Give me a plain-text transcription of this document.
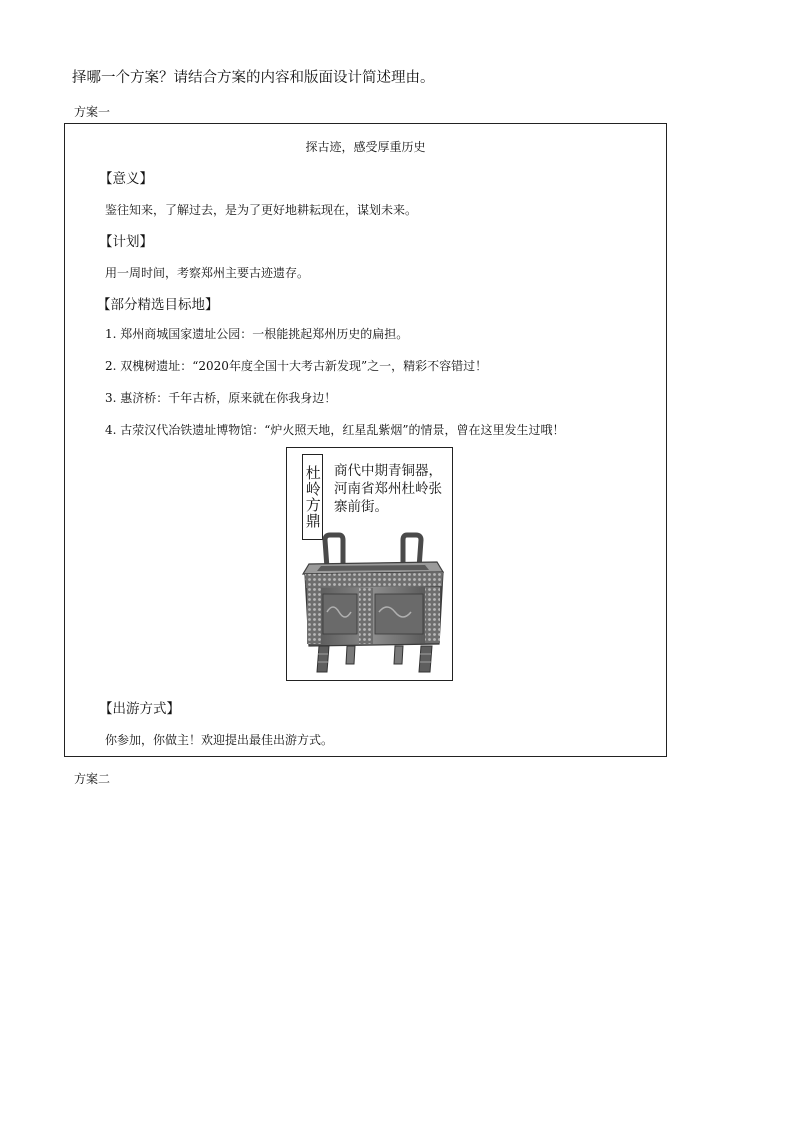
择哪一个方案？请结合方案的内容和版面设计简述理由。
方案一
探古迹，感受厚重历史
【意义】
鉴往知来，了解过去，是为了更好地耕耘现在，谋划未来。
【计划】
用一周时间，考察郑州主要古迹遗存。
【部分精选目标地】
1. 郑州商城国家遗址公园：一根能挑起郑州历史的扁担。
2. 双槐树遗址：“2020年度全国十大考古新发现”之一，精彩不容错过！
3. 惠济桥：千年古桥，原来就在你我身边！
4. 古荥汉代冶铁遗址博物馆：“炉火照天地，红星乱紫烟”的情景，曾在这里发生过哦！
杜岭方鼎 商代中期青铜器，河南省郑州杜岭张寨前街。
【出游方式】
你参加，你做主！欢迎提出最佳出游方式。
方案二
